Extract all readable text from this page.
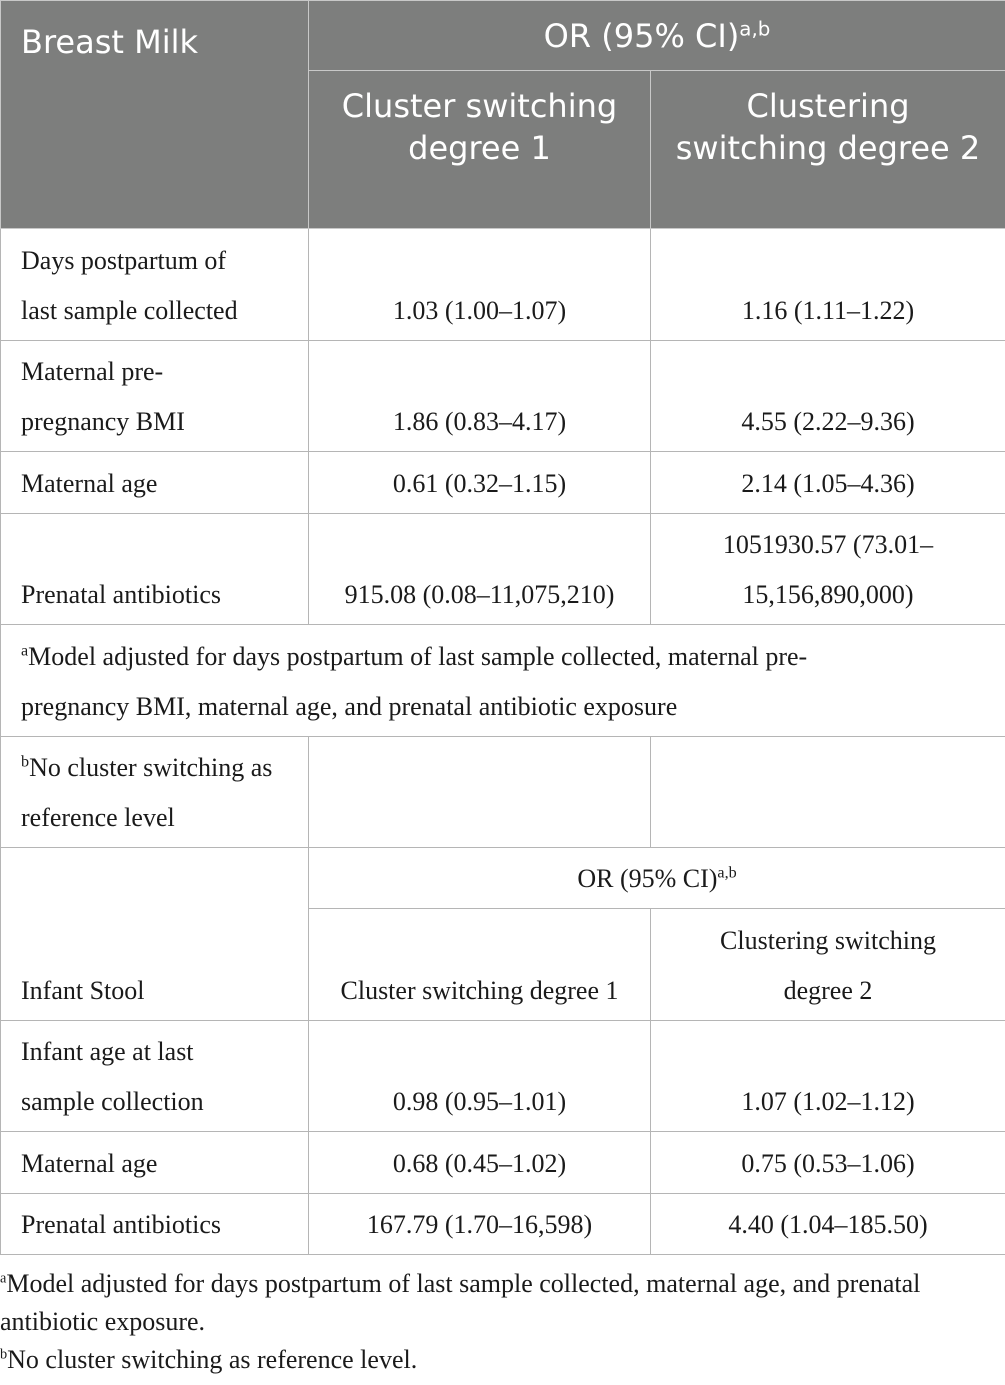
Breast Milk	OR (95% CI)$^{a,b}$
	Cluster switching degree 1	Clustering switching degree 2
Days postpartum of last sample collected	1.03 (1.00–1.07)	1.16 (1.11–1.22)
Maternal pre-pregnancy BMI	1.86 (0.83–4.17)	4.55 (2.22–9.36)
Maternal age	0.61 (0.32–1.15)	2.14 (1.05–4.36)
Prenatal antibiotics	915.08 (0.08–11,075,210)	1051930.57 (73.01–15,156,890,000)
$^a$Model adjusted for days postpartum of last sample collected, maternal pre-pregnancy BMI, maternal age, and prenatal antibiotic exposure		
$^b$No cluster switching as reference level		
Infant Stool	OR (95% CI)$^{a,b}$
	Cluster switching degree 1	Clustering switching degree 2
Infant age at last sample collection	0.98 (0.95–1.01)	1.07 (1.02–1.12)
Maternal age	0.68 (0.45–1.02)	0.75 (0.53–1.06)
Prenatal antibiotics	167.79 (1.70–16,598)	4.40 (1.04–185.50)

$^a$Model adjusted for days postpartum of last sample collected, maternal age, and prenatal antibiotic exposure.

$^b$No cluster switching as reference level.
